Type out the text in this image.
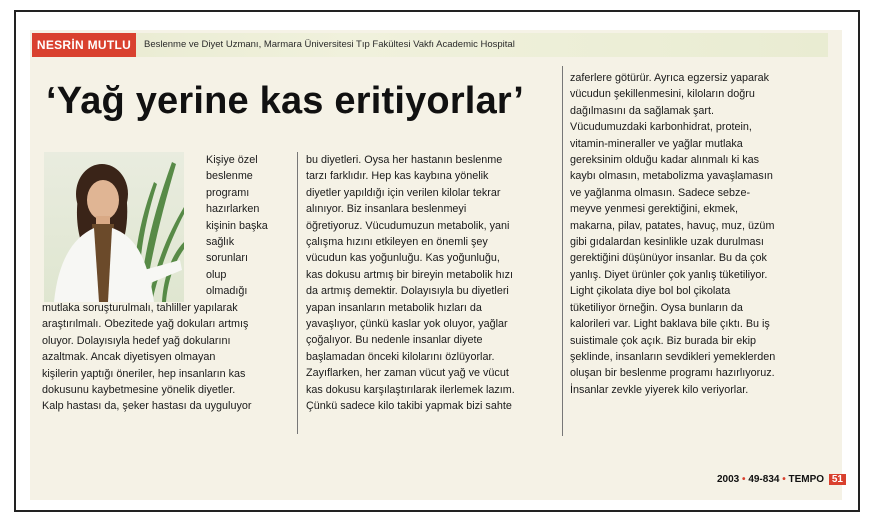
NESRİN MUTLU	Beslenme ve Diyet Uzmanı, Marmara Üniversitesi Tıp Fakültesi Vakfı Academic Hospital
‘Yağ yerine kas eritiyorlar’

Kişiye özel

beslenme

programı

hazırlarken

kişinin başka

sağlık

sorunları

olup

olmadığı

mutlaka soruşturulmalı, tahliller yapılarak

araştırılmalı. Obezitede yağ dokuları artmış

oluyor. Dolayısıyla hedef yağ dokularını

azaltmak. Ancak diyetisyen olmayan

kişilerin yaptığı öneriler, hep insanların kas

dokusunu kaybetmesine yönelik diyetler.

Kalp hastası da, şeker hastası da uyguluyor

bu diyetleri. Oysa her hastanın beslenme

tarzı farklıdır. Hep kas kaybına yönelik

diyetler yapıldığı için verilen kilolar tekrar

alınıyor. Biz insanlara beslenmeyi

öğretiyoruz. Vücudumuzun metabolik, yani

çalışma hızını etkileyen en önemli şey

vücudun kas yoğunluğu. Kas yoğunluğu,

kas dokusu artmış bir bireyin metabolik hızı

da artmış demektir. Dolayısıyla bu diyetleri

yapan insanların metabolik hızları da

yavaşlıyor, çünkü kaslar yok oluyor, yağlar

çoğalıyor. Bu nedenle insanlar diyete

başlamadan önceki kilolarını özlüyorlar.

Zayıflarken, her zaman vücut yağ ve vücut

kas dokusu karşılaştırılarak ilerlemek lazım.

Çünkü sadece kilo takibi yapmak bizi sahte

zaferlere götürür. Ayrıca egzersiz yaparak

vücudun şekillenmesini, kiloların doğru

dağılmasını da sağlamak şart.

Vücudumuzdaki karbonhidrat, protein,

vitamin-mineraller ve yağlar mutlaka

gereksinim olduğu kadar alınmalı ki kas

kaybı olmasın, metabolizma yavaşlamasın

ve yağlanma olmasın. Sadece sebze-

meyve yenmesi gerektiğini, ekmek,

makarna, pilav, patates, havuç, muz, üzüm

gibi gıdalardan kesinlikle uzak durulması

gerektiğini düşünüyor insanlar. Bu da çok

yanlış. Diyet ürünler çok yanlış tüketiliyor.

Light çikolata diye bol bol çikolata

tüketiliyor örneğin. Oysa bunların da

kalorileri var. Light baklava bile çıktı. Bu iş

suistimale çok açık. Biz burada bir ekip

şeklinde, insanların sevdikleri yemeklerden

oluşan bir beslenme programı hazırlıyoruz.

İnsanlar zevkle yiyerek kilo veriyorlar.

2003 • 49-834 • TEMPO 51
